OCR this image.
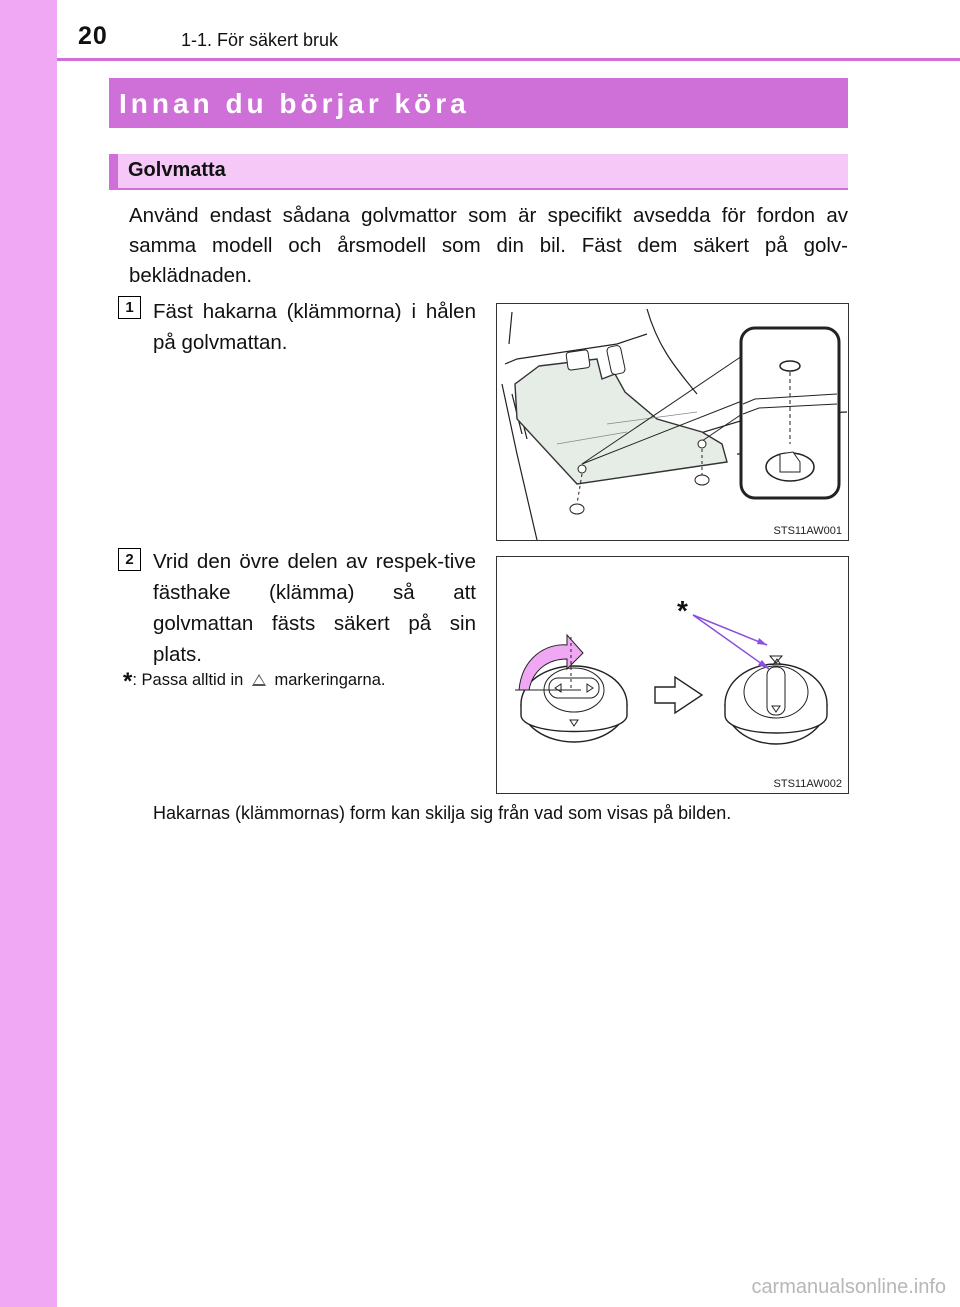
20	1-1. För säkert bruk
Innan du börjar köra
Golvmatta
Använd endast sådana golvmattor som är specifikt avsedda för fordon av samma modell och årsmodell som din bil. Fäst dem säkert på golv-beklädnaden.
1 Fäst hakarna (klämmorna) i hålen på golvmattan.
2 Vrid den övre delen av respek-tive fästhake (klämma) så att golvmattan fästs säkert på sin plats.
*: Passa alltid in markeringarna.
Hakarnas (klämmornas) form kan skilja sig från vad som visas på bilden.
STS11AW001
*
STS11AW002
carmanualsonline.info
